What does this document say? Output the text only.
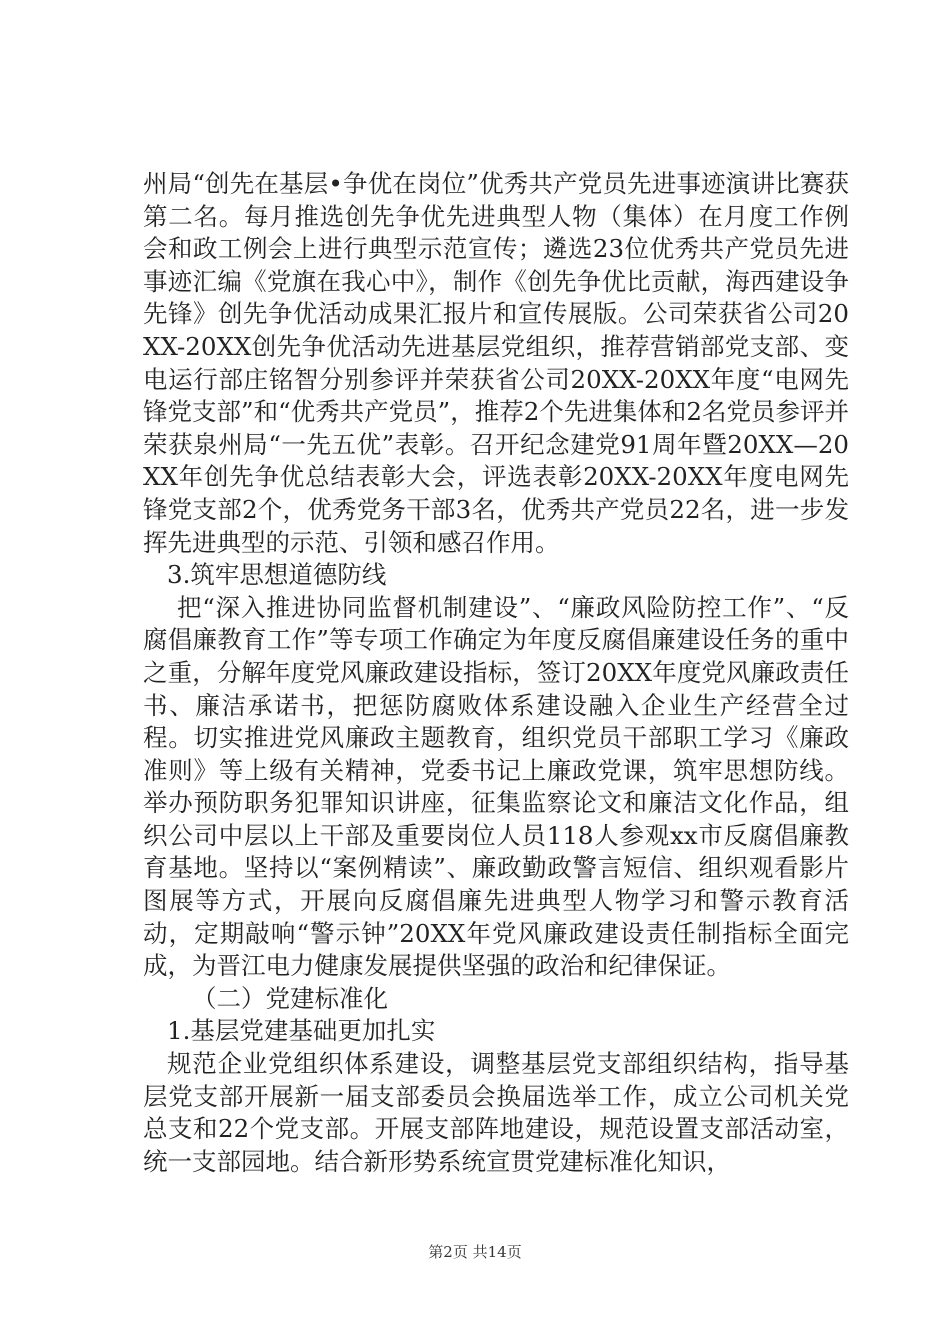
州局“创先在基层•争优在岗位”优秀共产党员先进事迹演讲比赛获第二名。每月推选创先争优先进典型人物（集体）在月度工作例会和政工例会上进行典型示范宣传；遴选23位优秀共产党员先进事迹汇编《党旗在我心中》，制作《创先争优比贡献，海西建设争先锋》创先争优活动成果汇报片和宣传展版。公司荣获省公司20XX-20XX创先争优活动先进基层党组织，推荐营销部党支部、变电运行部庄铭智分别参评并荣获省公司20XX-20XX年度“电网先锋党支部”和“优秀共产党员”，推荐2个先进集体和2名党员参评并荣获泉州局“一先五优”表彰。召开纪念建党91周年暨20XX—20XX年创先争优总结表彰大会，评选表彰20XX-20XX年度电网先锋党支部2个，优秀党务干部3名，优秀共产党员22名，进一步发挥先进典型的示范、引领和感召作用。

3.筑牢思想道德防线

把“深入推进协同监督机制建设”、“廉政风险防控工作”、“反腐倡廉教育工作”等专项工作确定为年度反腐倡廉建设任务的重中之重，分解年度党风廉政建设指标，签订20XX年度党风廉政责任书、廉洁承诺书，把惩防腐败体系建设融入企业生产经营全过程。切实推进党风廉政主题教育，组织党员干部职工学习《廉政准则》等上级有关精神，党委书记上廉政党课，筑牢思想防线。举办预防职务犯罪知识讲座，征集监察论文和廉洁文化作品，组织公司中层以上干部及重要岗位人员118人参观xx市反腐倡廉教育基地。坚持以“案例精读”、廉政勤政警言短信、组织观看影片图展等方式，开展向反腐倡廉先进典型人物学习和警示教育活动，定期敲响“警示钟”20XX年党风廉政建设责任制指标全面完成，为晋江电力健康发展提供坚强的政治和纪律保证。

（二）党建标准化

1.基层党建基础更加扎实

规范企业党组织体系建设，调整基层党支部组织结构，指导基层党支部开展新一届支部委员会换届选举工作，成立公司机关党总支和22个党支部。开展支部阵地建设，规范设置支部活动室，统一支部园地。结合新形势系统宣贯党建标准化知识，

第2页 共14页
